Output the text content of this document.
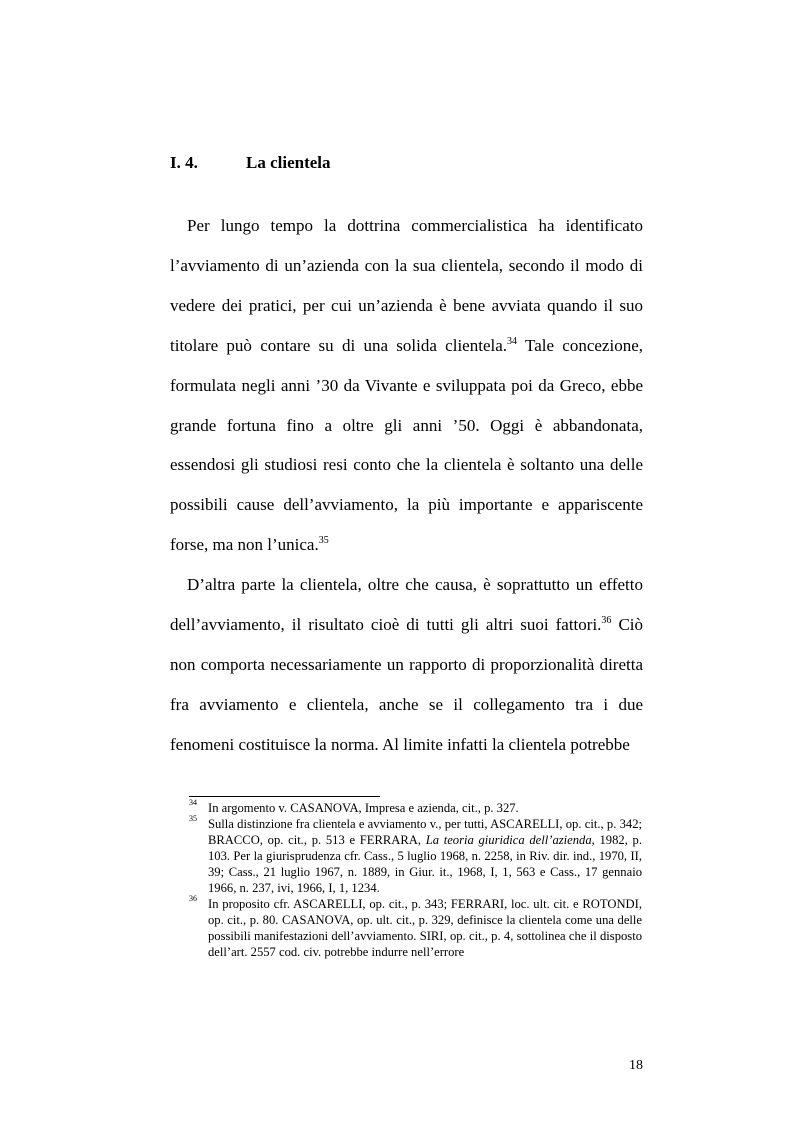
I. 4.	La clientela

Per lungo tempo la dottrina commercialistica ha identificato l’avviamento di un’azienda con la sua clientela, secondo il modo di vedere dei pratici, per cui un’azienda è bene avviata quando il suo titolare può contare su di una solida clientela.$^{34}$ Tale concezione, formulata negli anni ’30 da Vivante e sviluppata poi da Greco, ebbe grande fortuna fino a oltre gli anni ’50. Oggi è abbandonata, essendosi gli studiosi resi conto che la clientela è soltanto una delle possibili cause dell’avviamento, la più importante e appariscente forse, ma non l’unica.$^{35}$

D’altra parte la clientela, oltre che causa, è soprattutto un effetto dell’avviamento, il risultato cioè di tutti gli altri suoi fattori.$^{36}$ Ciò non comporta necessariamente un rapporto di proporzionalità diretta fra avviamento e clientela, anche se il collegamento tra i due fenomeni costituisce la norma. Al limite infatti la clientela potrebbe

34 In argomento v. CASANOVA, Impresa e azienda, cit., p. 327.
35 Sulla distinzione fra clientela e avviamento v., per tutti, ASCARELLI, op. cit., p. 342; BRACCO, op. cit., p. 513 e FERRARA, La teoria giuridica dell’azienda, 1982, p. 103. Per la giurisprudenza cfr. Cass., 5 luglio 1968, n. 2258, in Riv. dir. ind., 1970, II, 39; Cass., 21 luglio 1967, n. 1889, in Giur. it., 1968, I, 1, 563 e Cass., 17 gennaio 1966, n. 237, ivi, 1966, I, 1, 1234.
36 In proposito cfr. ASCARELLI, op. cit., p. 343; FERRARI, loc. ult. cit. e ROTONDI, op. cit., p. 80. CASANOVA, op. ult. cit., p. 329, definisce la clientela come una delle possibili manifestazioni dell’avviamento. SIRI, op. cit., p. 4, sottolinea che il disposto dell’art. 2557 cod. civ. potrebbe indurre nell’errore
18
